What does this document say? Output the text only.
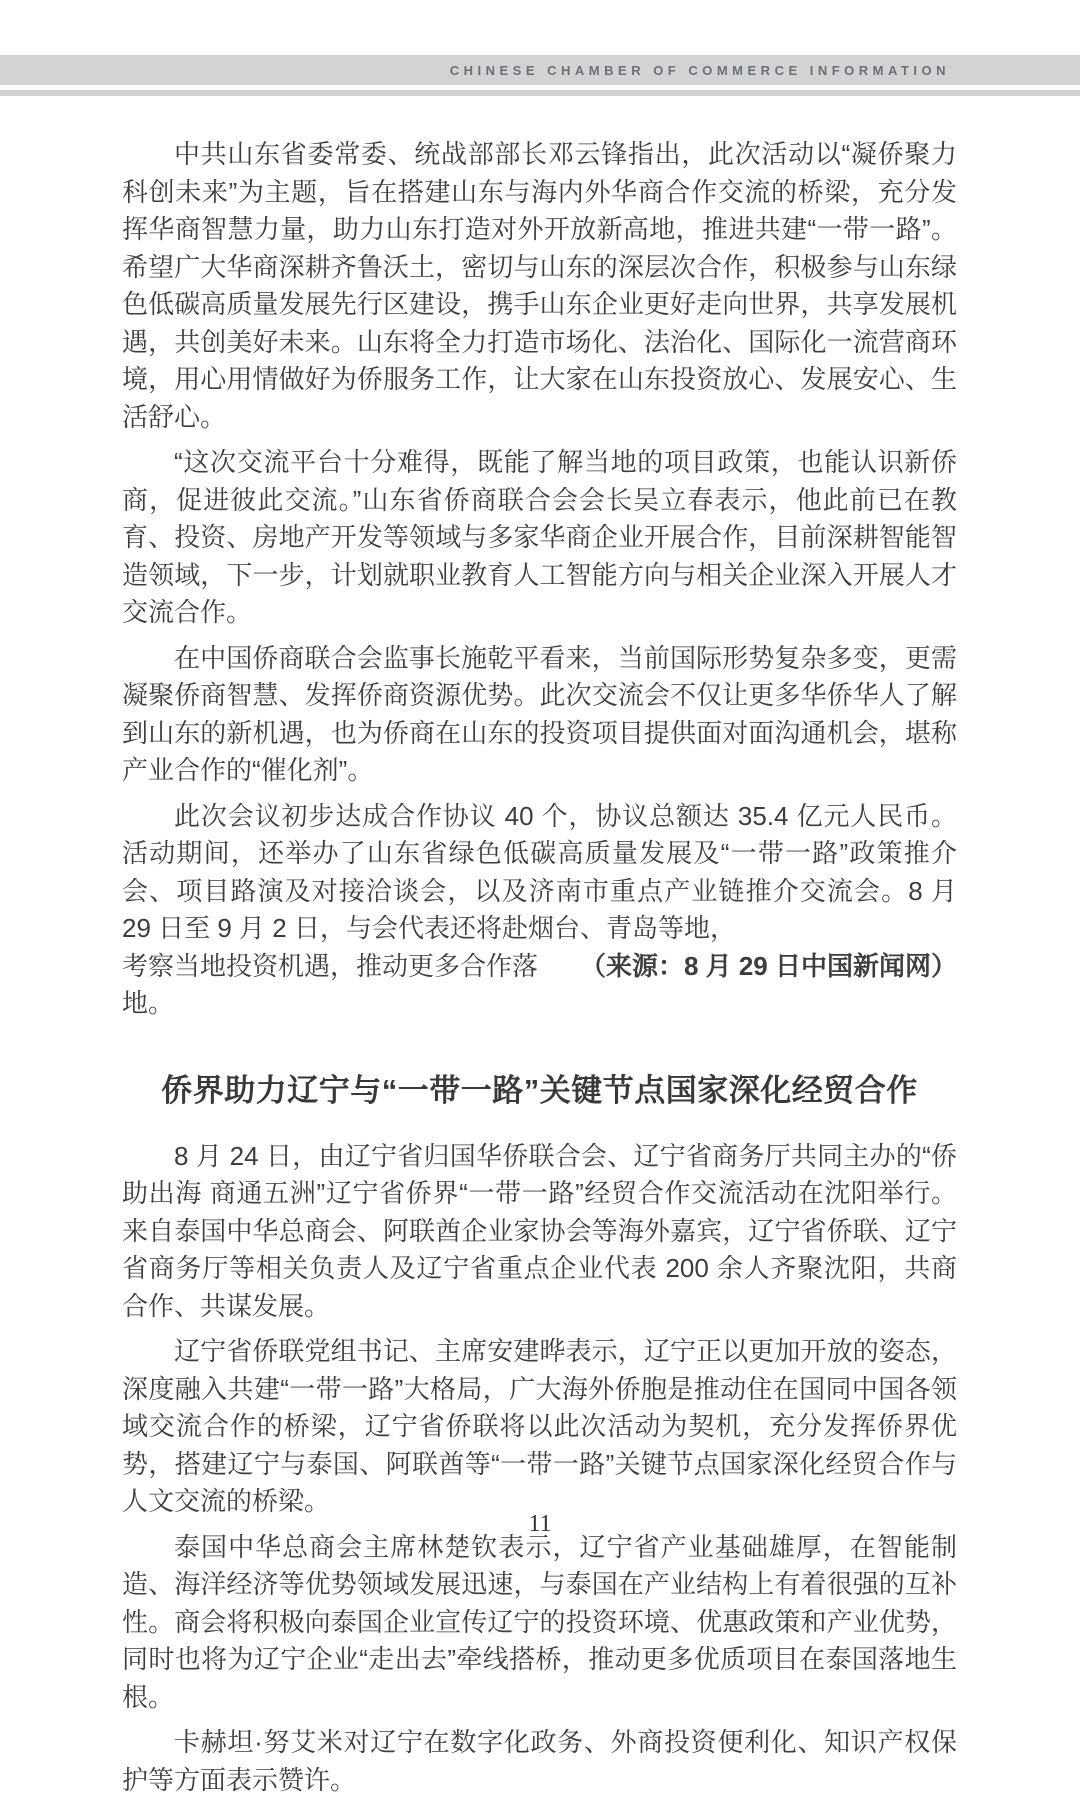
CHINESE CHAMBER OF COMMERCE INFORMATION

中共山东省委常委、统战部部长邓云锋指出，此次活动以“凝侨聚力 科创未来”为主题，旨在搭建山东与海内外华商合作交流的桥梁，充分发挥华商智慧力量，助力山东打造对外开放新高地，推进共建“一带一路”。希望广大华商深耕齐鲁沃土，密切与山东的深层次合作，积极参与山东绿色低碳高质量发展先行区建设，携手山东企业更好走向世界，共享发展机遇，共创美好未来。山东将全力打造市场化、法治化、国际化一流营商环境，用心用情做好为侨服务工作，让大家在山东投资放心、发展安心、生活舒心。

“这次交流平台十分难得，既能了解当地的项目政策，也能认识新侨商，促进彼此交流。”山东省侨商联合会会长吴立春表示，他此前已在教育、投资、房地产开发等领域与多家华商企业开展合作，目前深耕智能智造领域，下一步，计划就职业教育人工智能方向与相关企业深入开展人才交流合作。

在中国侨商联合会监事长施乾平看来，当前国际形势复杂多变，更需凝聚侨商智慧、发挥侨商资源优势。此次交流会不仅让更多华侨华人了解到山东的新机遇，也为侨商在山东的投资项目提供面对面沟通机会，堪称产业合作的“催化剂”。

此次会议初步达成合作协议 40 个，协议总额达 35.4 亿元人民币。活动期间，还举办了山东省绿色低碳高质量发展及“一带一路”政策推介会、项目路演及对接洽谈会，以及济南市重点产业链推介交流会。8 月 29 日至 9 月 2 日，与会代表还将赴烟台、青岛等地，

考察当地投资机遇，推动更多合作落地。
（来源：8 月 29 日中国新闻网）
侨界助力辽宁与“一带一路”关键节点国家深化经贸合作

8 月 24 日，由辽宁省归国华侨联合会、辽宁省商务厅共同主办的“侨助出海 商通五洲”辽宁省侨界“一带一路”经贸合作交流活动在沈阳举行。来自泰国中华总商会、阿联酋企业家协会等海外嘉宾，辽宁省侨联、辽宁省商务厅等相关负责人及辽宁省重点企业代表 200 余人齐聚沈阳，共商合作、共谋发展。

辽宁省侨联党组书记、主席安建晔表示，辽宁正以更加开放的姿态，深度融入共建“一带一路”大格局，广大海外侨胞是推动住在国同中国各领域交流合作的桥梁，辽宁省侨联将以此次活动为契机，充分发挥侨界优势，搭建辽宁与泰国、阿联酋等“一带一路”关键节点国家深化经贸合作与人文交流的桥梁。

泰国中华总商会主席林楚钦表示，辽宁省产业基础雄厚，在智能制造、海洋经济等优势领域发展迅速，与泰国在产业结构上有着很强的互补性。商会将积极向泰国企业宣传辽宁的投资环境、优惠政策和产业优势，同时也将为辽宁企业“走出去”牵线搭桥，推动更多优质项目在泰国落地生根。

卡赫坦·努艾米对辽宁在数字化政务、外商投资便利化、知识产权保护等方面表示赞许。

11
